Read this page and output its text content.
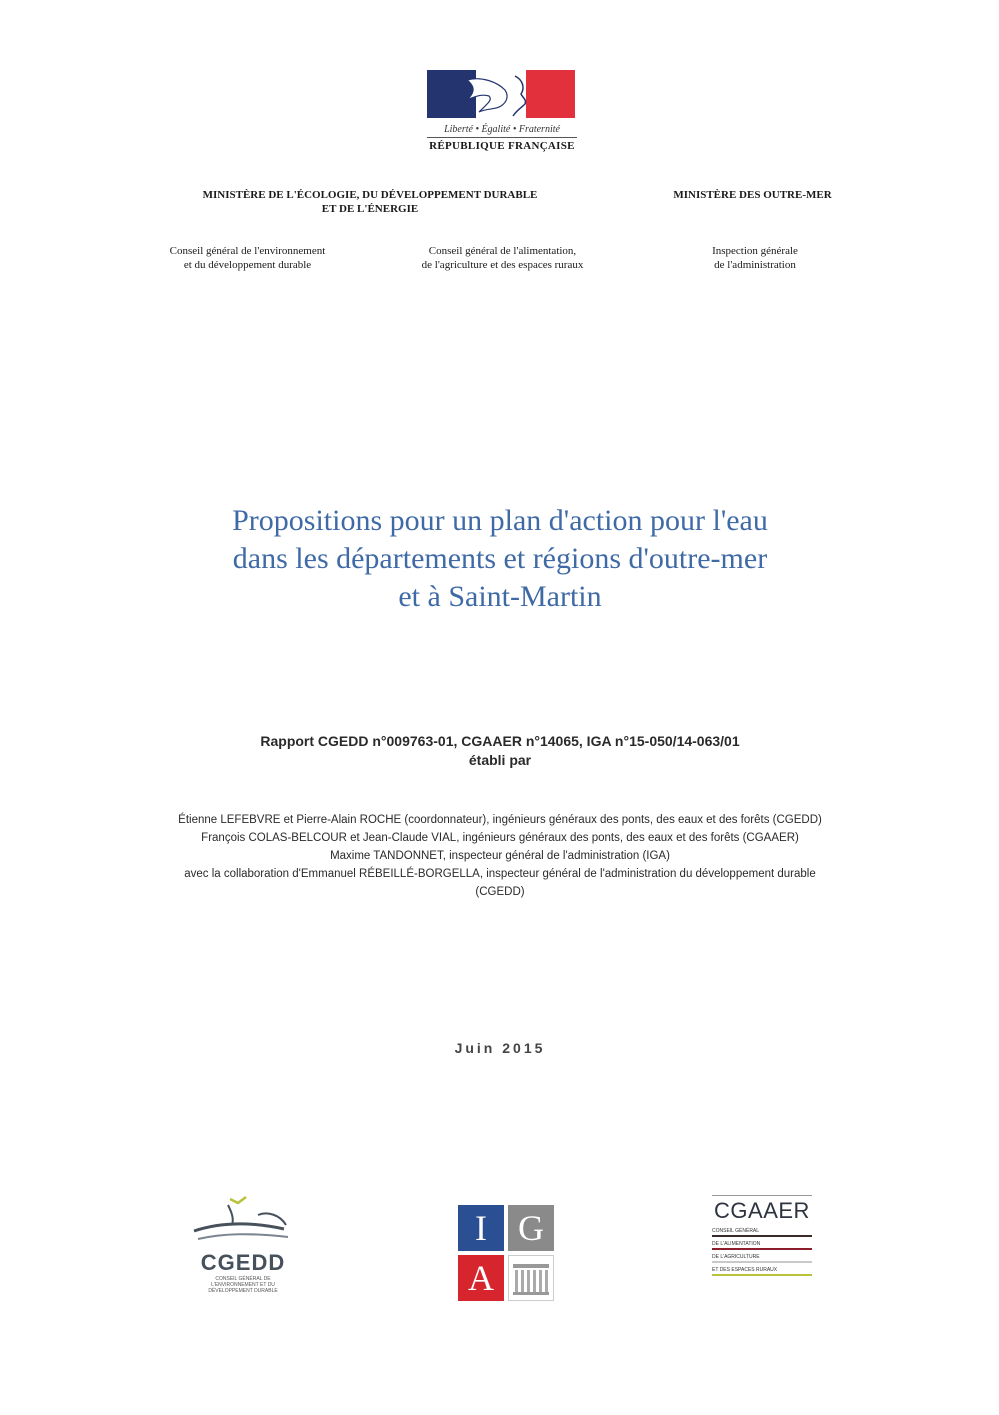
Liberté • Égalité • Fraternité
RÉPUBLIQUE FRANÇAISE
MINISTÈRE DE L'ÉCOLOGIE, DU DÉVELOPPEMENT DURABLE
ET DE L'ÉNERGIE
MINISTÈRE DES OUTRE-MER
Conseil général de l'environnement
et du développement durable
Conseil général de l'alimentation,
de l'agriculture et des espaces ruraux
Inspection générale
de l'administration
Propositions pour un plan d'action pour l'eau
dans les départements et régions d'outre-mer
et à Saint-Martin
Rapport CGEDD n°009763-01, CGAAER n°14065, IGA n°15-050/14-063/01
établi par
Étienne LEFEBVRE et Pierre-Alain ROCHE (coordonnateur), ingénieurs généraux des ponts, des eaux et des forêts (CGEDD)
François COLAS-BELCOUR et Jean-Claude VIAL, ingénieurs généraux des ponts, des eaux et des forêts (CGAAER)
Maxime TANDONNET, inspecteur général de l'administration (IGA)
avec la collaboration d'Emmanuel RÉBEILLÉ-BORGELLA, inspecteur général de l'administration du développement durable
(CGEDD)
Juin 2015
CGEDD
CONSEIL GÉNÉRAL DE
L'ENVIRONNEMENT ET DU
DÉVELOPPEMENT DURABLE
I G
A
CGAAER
CONSEIL GÉNÉRAL
DE L'ALIMENTATION
DE L'AGRICULTURE
ET DES ESPACES RURAUX
